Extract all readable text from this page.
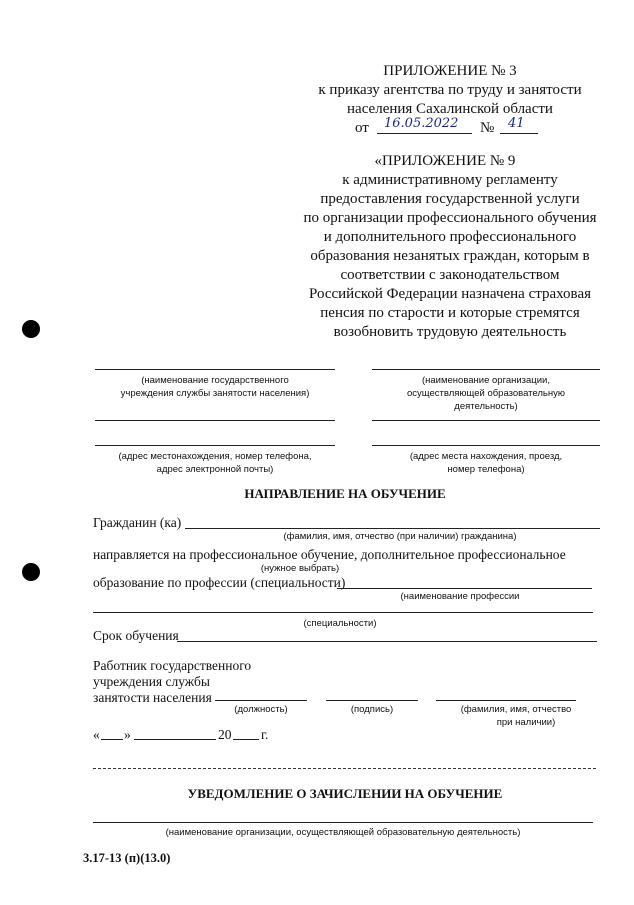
ПРИЛОЖЕНИЕ № 3
к приказу агентства по труду и занятости
населения Сахалинской области
от 16.05.2022 № 41
«ПРИЛОЖЕНИЕ № 9
к административному регламенту
предоставления государственной услуги
по организации профессионального обучения
и дополнительного профессионального
образования незанятых граждан, которым в
соответствии с законодательством
Российской Федерации назначена страховая
пенсия по старости и которые стремятся
возобновить трудовую деятельность
(наименование государственного
учреждения службы занятости населения)
(наименование организации,
осуществляющей образовательную
деятельность)
(адрес местонахождения, номер телефона,
адрес электронной почты)
(адрес места нахождения, проезд,
номер телефона)
НАПРАВЛЕНИЕ НА ОБУЧЕНИЕ
Гражданин (ка)
(фамилия, имя, отчество (при наличии) гражданина)
направляется на профессиональное обучение, дополнительное профессиональное
(нужное выбрать)
образование по профессии (специальности)
(наименование профессии
(специальности)
Срок обучения
Работник государственного
учреждения службы
занятости населения
(должность)	(подпись)	(фамилия, имя, отчество
при наличии)
« »	20 г.
УВЕДОМЛЕНИЕ О ЗАЧИСЛЕНИИ НА ОБУЧЕНИЕ
(наименование организации, осуществляющей образовательную деятельность)
3.17-13 (п)(13.0)
